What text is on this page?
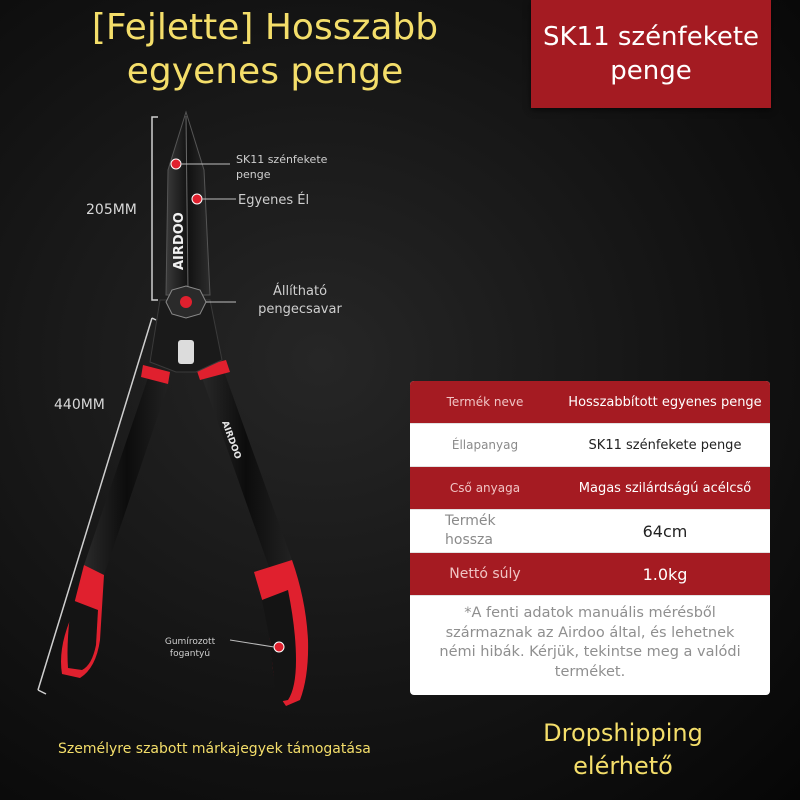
[Fejlette] Hosszabb egyenes penge
SK11 szénfekete penge
AIRDOO
AIRDOO
205MM
440MM
SK11 szénfekete penge
Egyenes Él
Állítható pengecsavar
Gumírozott fogantyú
Termék neve	Hosszabbított egyenes penge
Éllapanyag	SK11 szénfekete penge
Cső anyaga	Magas szilárdságú acélcső
Termék hossza	64cm
Nettó súly	1.0kg
*A fenti adatok manuális mérésből származnak az Airdoo által, és lehetnek némi hibák. Kérjük, tekintse meg a valódi terméket.
Személyre szabott márkajegyek támogatása
Dropshipping elérhető
